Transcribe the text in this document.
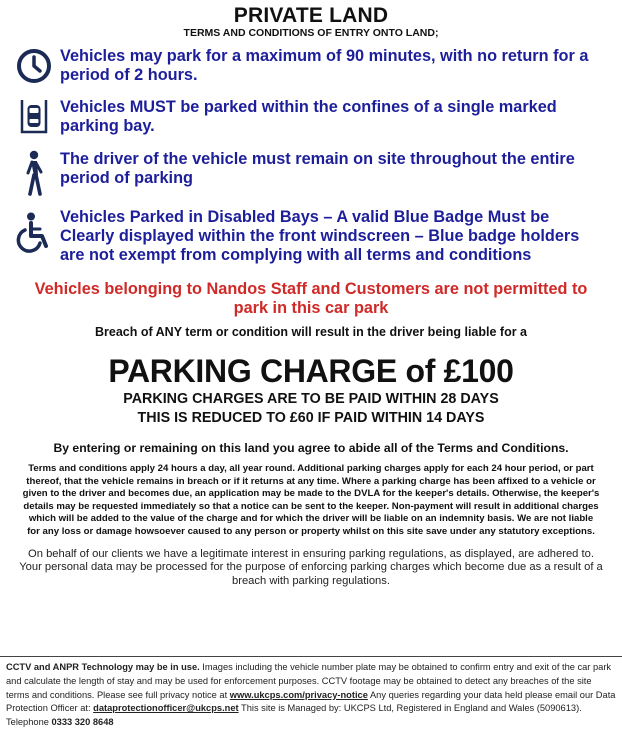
PRIVATE LAND
TERMS AND CONDITIONS OF ENTRY ONTO LAND;
Vehicles may park for a maximum of 90 minutes, with no return for a period of 2 hours.
Vehicles MUST be parked within the confines of a single marked parking bay.
The driver of the vehicle must remain on site throughout the entire period of parking
Vehicles Parked in Disabled Bays – A valid Blue Badge Must be Clearly displayed within the front windscreen – Blue badge holders are not exempt from complying with all terms and conditions
Vehicles belonging to Nandos Staff and Customers are not permitted to park in this car park
Breach of ANY term or condition will result in the driver being liable for a
PARKING CHARGE of £100
PARKING CHARGES ARE TO BE PAID WITHIN 28 DAYS
THIS IS REDUCED TO £60 IF PAID WITHIN 14 DAYS
By entering or remaining on this land you agree to abide all of the Terms and Conditions.
Terms and conditions apply 24 hours a day, all year round. Additional parking charges apply for each 24 hour period, or part thereof, that the vehicle remains in breach or if it returns at any time. Where a parking charge has been affixed to a vehicle or given to the driver and becomes due, an application may be made to the DVLA for the keeper's details. Otherwise, the keeper's details may be requested immediately so that a notice can be sent to the keeper. Non-payment will result in additional charges which will be added to the value of the charge and for which the driver will be liable on an indemnity basis. We are not liable for any loss or damage howsoever caused to any person or property whilst on this site save under any statutory exceptions.
On behalf of our clients we have a legitimate interest in ensuring parking regulations, as displayed, are adhered to. Your personal data may be processed for the purpose of enforcing parking charges which become due as a result of a breach with parking regulations.
CCTV and ANPR Technology may be in use. Images including the vehicle number plate may be obtained to confirm entry and exit of the car park and calculate the length of stay and may be used for enforcement purposes. CCTV footage may be obtained to detect any breaches of the site terms and conditions. Please see full privacy notice at www.ukcps.com/privacy-notice Any queries regarding your data held please email our Data Protection Officer at: dataprotectionofficer@ukcps.net This site is Managed by: UKCPS Ltd, Registered in England and Wales (5090613). Telephone 0333 320 8648
